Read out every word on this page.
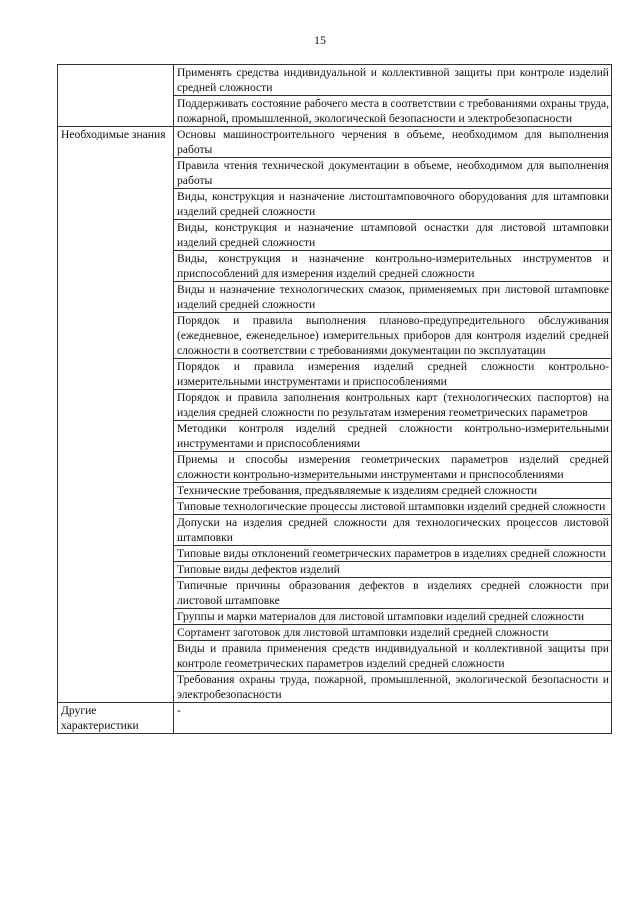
15
	Применять средства индивидуальной и коллективной защиты при контроле изделий средней сложности
	Поддерживать состояние рабочего места в соответствии с требованиями охраны труда, пожарной, промышленной, экологической безопасности и электробезопасности
Необходимые знания	Основы машиностроительного черчения в объеме, необходимом для выполнения работы
	Правила чтения технической документации в объеме, необходимом для выполнения работы
	Виды, конструкция и назначение листоштамповочного оборудования для штамповки изделий средней сложности
	Виды, конструкция и назначение штамповой оснастки для листовой штамповки изделий средней сложности
	Виды, конструкция и назначение контрольно-измерительных инструментов и приспособлений для измерения изделий средней сложности
	Виды и назначение технологических смазок, применяемых при листовой штамповке изделий средней сложности
	Порядок и правила выполнения планово-предупредительного обслуживания (ежедневное, еженедельное) измерительных приборов для контроля изделий средней сложности в соответствии с требованиями документации по эксплуатации
	Порядок и правила измерения изделий средней сложности контрольно-измерительными инструментами и приспособлениями
	Порядок и правила заполнения контрольных карт (технологических паспортов) на изделия средней сложности по результатам измерения геометрических параметров
	Методики контроля изделий средней сложности контрольно-измерительными инструментами и приспособлениями
	Приемы и способы измерения геометрических параметров изделий средней сложности контрольно-измерительными инструментами и приспособлениями
	Технические требования, предъявляемые к изделиям средней сложности
	Типовые технологические процессы листовой штамповки изделий средней сложности
	Допуски на изделия средней сложности для технологических процессов листовой штамповки
	Типовые виды отклонений геометрических параметров в изделиях средней сложности
	Типовые виды дефектов изделий
	Типичные причины образования дефектов в изделиях средней сложности при листовой штамповке
	Группы и марки материалов для листовой штамповки изделий средней сложности
	Сортамент заготовок для листовой штамповки изделий средней сложности
	Виды и правила применения средств индивидуальной и коллективной защиты при контроле геометрических параметров изделий средней сложности
	Требования охраны труда, пожарной, промышленной, экологической безопасности и электробезопасности
Другие характеристики	-
